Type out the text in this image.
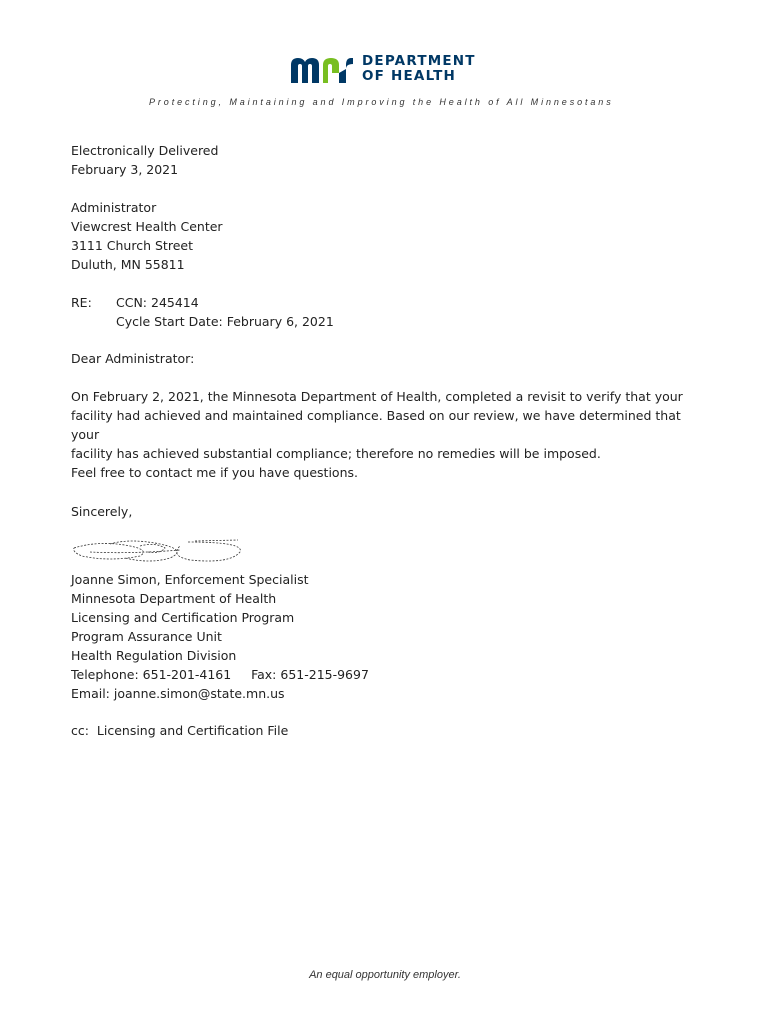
DEPARTMENT
OF HEALTH
Protecting, Maintaining and Improving the Health of All Minnesotans
Electronically Delivered
February 3, 2021
Administrator
Viewcrest Health Center
3111 Church Street
Duluth, MN 55811
RE: CCN: 245414
Cycle Start Date: February 6, 2021
Dear Administrator:
On February 2, 2021, the Minnesota Department of Health, completed a revisit to verify that your
facility had achieved and maintained compliance. Based on our review, we have determined that your
facility has achieved substantial compliance; therefore no remedies will be imposed.
Feel free to contact me if you have questions.
Sincerely,
Joanne Simon, Enforcement Specialist
Minnesota Department of Health
Licensing and Certification Program
Program Assurance Unit
Health Regulation Division
Telephone: 651-201-4161     Fax: 651-215-9697
Email: joanne.simon@state.mn.us
cc:  Licensing and Certification File
An equal opportunity employer.
